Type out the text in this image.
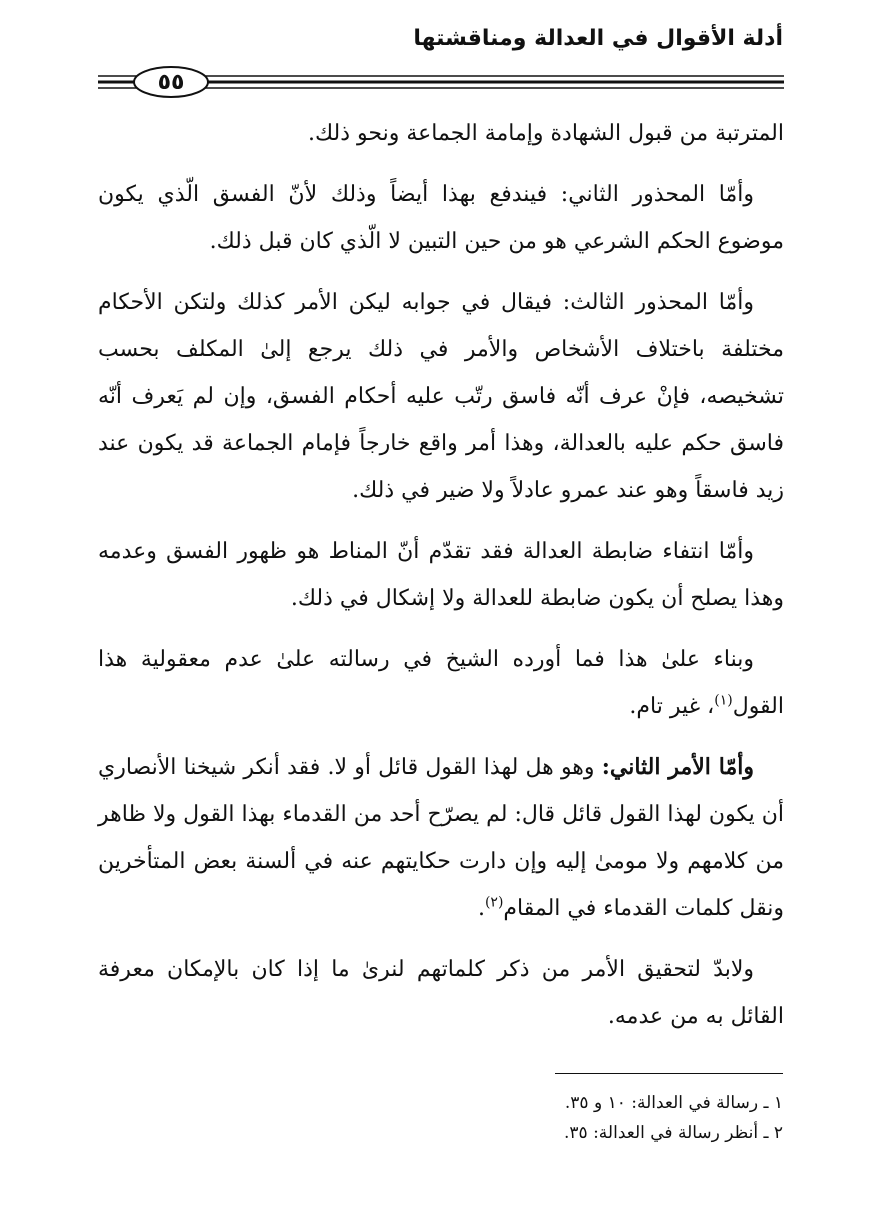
أدلة الأقوال في العدالة ومناقشتها
٥٥

المترتبة من قبول الشهادة وإمامة الجماعة ونحو ذلك.

وأمّا المحذور الثاني: فيندفع بهذا أيضاً وذلك لأنّ الفسق الّذي يكون موضوع الحكم الشرعي هو من حين التبين لا الّذي كان قبل ذلك.

وأمّا المحذور الثالث: فيقال في جوابه ليكن الأمر كذلك ولتكن الأحكام مختلفة باختلاف الأشخاص والأمر في ذلك يرجع إلىٰ المكلف بحسب تشخيصه، فإنْ عرف أنّه فاسق رتّب عليه أحكام الفسق، وإن لم يَعرف أنّه فاسق حكم عليه بالعدالة، وهذا أمر واقع خارجاً فإمام الجماعة قد يكون عند زيد فاسقاً وهو عند عمرو عادلاً ولا ضير في ذلك.

وأمّا انتفاء ضابطة العدالة فقد تقدّم أنّ المناط هو ظهور الفسق وعدمه وهذا يصلح أن يكون ضابطة للعدالة ولا إشكال في ذلك.

وبناء علىٰ هذا فما أورده الشيخ في رسالته علىٰ عدم معقولية هذا القول$^{(١)}$، غير تام.

وأمّا الأمر الثاني: وهو هل لهذا القول قائل أو لا. فقد أنكر شيخنا الأنصاري أن يكون لهذا القول قائل قال: لم يصرّح أحد من القدماء بهذا القول ولا ظاهر من كلامهم ولا مومىٰ إليه وإن دارت حكايتهم عنه في ألسنة بعض المتأخرين ونقل كلمات القدماء في المقام$^{(٢)}$.

ولابدّ لتحقيق الأمر من ذكر كلماتهم لنرىٰ ما إذا كان بالإمكان معرفة القائل به من عدمه.

١ ـ رسالة في العدالة: ١٠ و ٣٥.
٢ ـ أنظر رسالة في العدالة: ٣٥.
